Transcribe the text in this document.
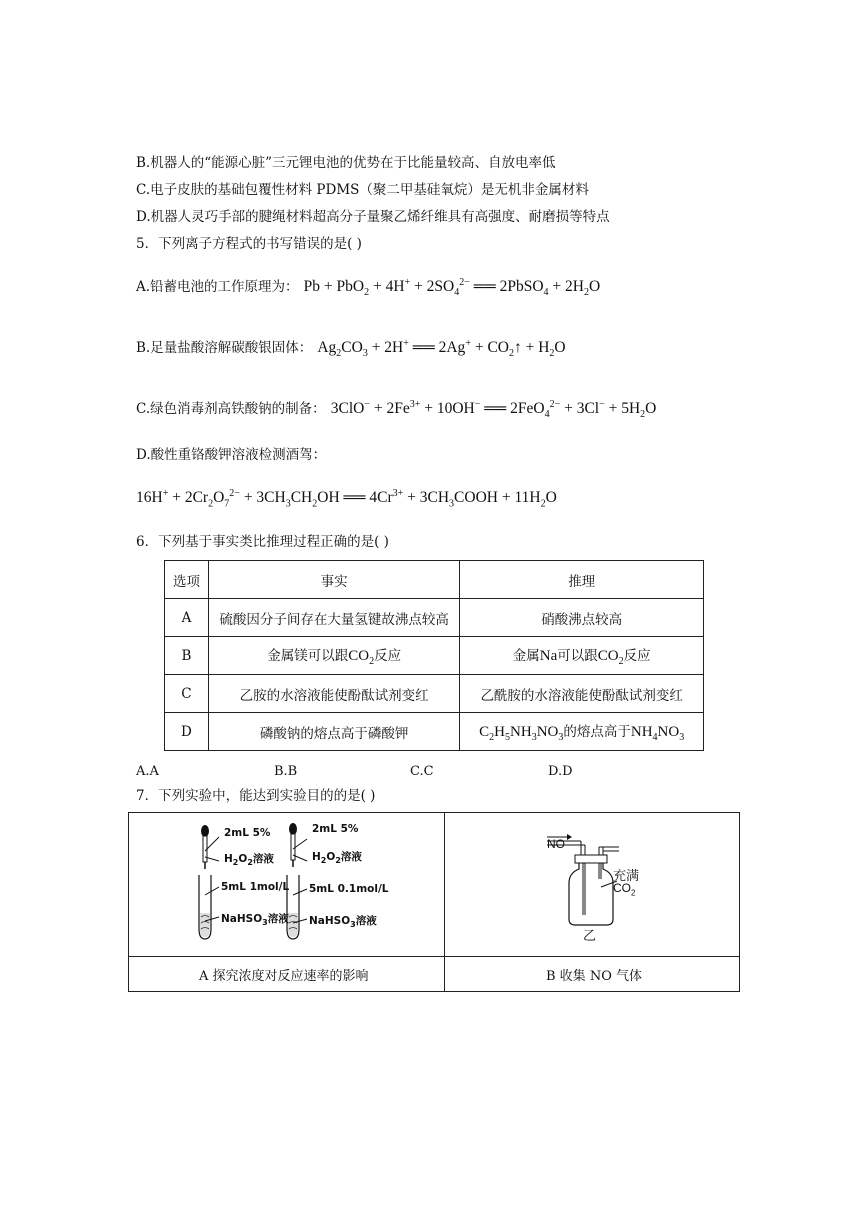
B.机器人的“能源心脏”三元锂电池的优势在于比能量较高、自放电率低
C.电子皮肤的基础包覆性材料 PDMS（聚二甲基硅氧烷）是无机非金属材料
D.机器人灵巧手部的腱绳材料超高分子量聚乙烯纤维具有高强度、耐磨损等特点
5．下列离子方程式的书写错误的是( )
A.铅蓄电池的工作原理为： $Pb + PbO_2 + 4H^+ + 2SO_4^{2-}$ ══ 2PbSO$_4$ + $2H_2O$
B.足量盐酸溶解碳酸银固体： $Ag_2CO_3 + 2H^+$ ══ $2Ag^+ + CO_2↑ + H_2O$
C.绿色消毒剂高铁酸钠的制备： $3ClO^- + 2Fe^{3+} + 10OH^-$ ══ $2FeO_4^{2-} + 3Cl^- + 5H_2O$
D.酸性重铬酸钾溶液检测酒驾：
$16H^+ + 2Cr_2O_7^{2-} + 3CH_3CH_2OH$ ══ $4Cr^{3+}$ + $3CH_3COOH + 11H_2O$
6．下列基于事实类比推理过程正确的是( )
选项	事实	推理
A	硫酸因分子间存在大量氢键故沸点较高	硝酸沸点较高
B	金属镁可以跟$CO_2$反应	金属Na可以跟$CO_2$反应
C	乙胺的水溶液能使酚酞试剂变红	乙酰胺的水溶液能使酚酞试剂变红
D	磷酸钠的熔点高于磷酸钾	$C_2H_5NH_3NO_3$的熔点高于$NH_4NO_3$
A.A	B.B	C.C	D.D
7．下列实验中，能达到实验目的的是( )
2mL 5%
$H_2O_2$溶液
2mL 5%
$H_2O_2$溶液
5mL 1mol/L
NaHSO$_3$溶液
5mL 0.1mol/L
NaHSO$_3$溶液
NO
充满
$CO_2$
乙
A 探究浓度对反应速率的影响	B 收集 NO 气体
